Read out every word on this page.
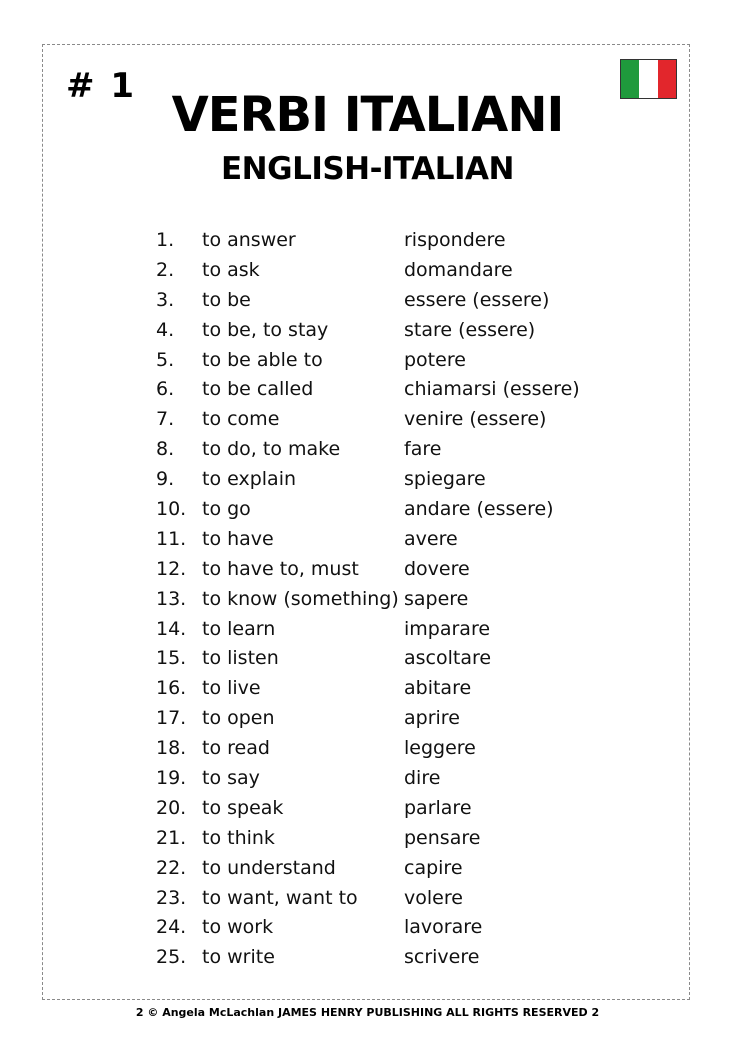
# 1
VERBI ITALIANI
ENGLISH-ITALIAN
1.	to answer	rispondere
2.	to ask	domandare
3.	to be	essere (essere)
4.	to be, to stay	stare (essere)
5.	to be able to	potere
6.	to be called	chiamarsi (essere)
7.	to come	venire (essere)
8.	to do, to make	fare
9.	to explain	spiegare
10. to go	andare (essere)
11. to have	avere
12. to have to, must	dovere
13. to know (something) sapere
14. to learn	imparare
15. to listen	ascoltare
16. to live	abitare
17. to open	aprire
18. to read	leggere
19. to say	dire
20. to speak	parlare
21. to think	pensare
22. to understand	capire
23. to want, want to	volere
24. to work	lavorare
25. to write	scrivere
2 © Angela McLachlan JAMES HENRY PUBLISHING ALL RIGHTS RESERVED 2
